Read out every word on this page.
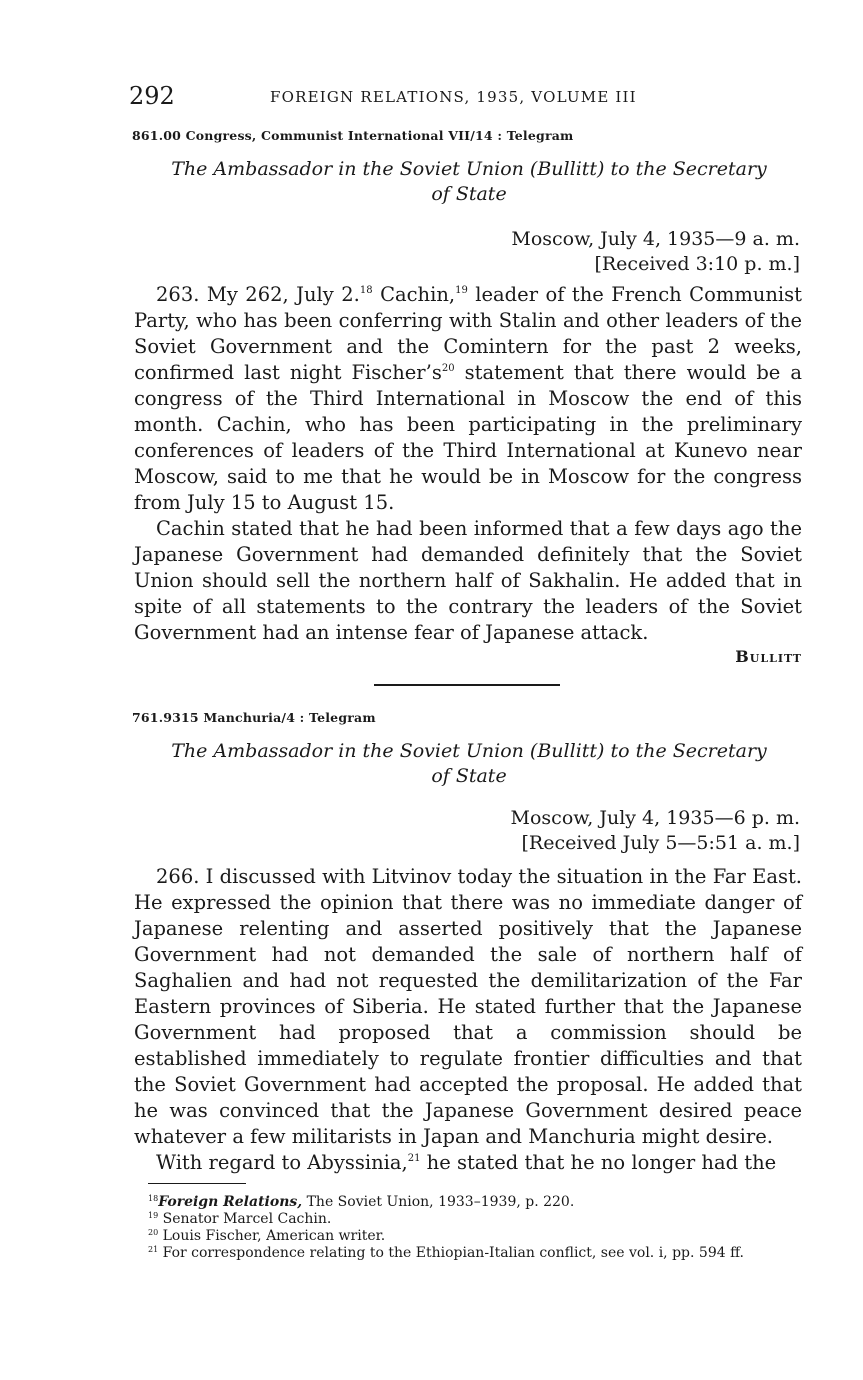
292	FOREIGN RELATIONS, 1935, VOLUME III
861.00 Congress, Communist International VII/14 : Telegram
The Ambassador in the Soviet Union (Bullitt) to the Secretary
of State
Moscow, July 4, 1935—9 a. m.
[Received 3:10 p. m.]

263. My 262, July 2.18 Cachin,$^{19}$ leader of the French Communist Party, who has been conferring with Stalin and other leaders of the Soviet Government and the Comintern for the past 2 weeks, confirmed last night $Fischer’s^{20}$ statement that there would be a congress of the Third International in Moscow the end of this month. Cachin, who has been participating in the preliminary conferences of leaders of the Third International at Kunevo near Moscow, said to me that he would be in Moscow for the congress from July 15 to August 15.

Cachin stated that he had been informed that a few days ago the Japanese Government had demanded definitely that the Soviet Union should sell the northern half of Sakhalin. He added that in spite of all statements to the contrary the leaders of the Soviet Government had an intense fear of Japanese attack.

Bullitt
761.9315 Manchuria/4 : Telegram
The Ambassador in the Soviet Union (Bullitt) to the Secretary
of State
Moscow, July 4, 1935—6 p. m.
[Received July 5—5:51 a. m.]

266. I discussed with Litvinov today the situation in the Far East. He expressed the opinion that there was no immediate danger of Japanese relenting and asserted positively that the Japanese Government had not demanded the sale of northern half of Saghalien and had not requested the demilitarization of the Far Eastern provinces of Siberia. He stated further that the Japanese Government had proposed that a commission should be established immediately to regulate frontier difficulties and that the Soviet Government had accepted the proposal. He added that he was convinced that the Japanese Government desired peace whatever a few militarists in Japan and Manchuria might desire.

With regard to Abyssinia,$^{21}$ he stated that he no longer had the

$^{18}$Foreign Relations, The Soviet Union, 1933–1939, p. 220.

$^{19}$ Senator Marcel Cachin.

$^{20}$ Louis Fischer, American writer.

$^{21}$ For correspondence relating to the Ethiopian-Italian conflict, see vol. i, pp. 594 ff.
